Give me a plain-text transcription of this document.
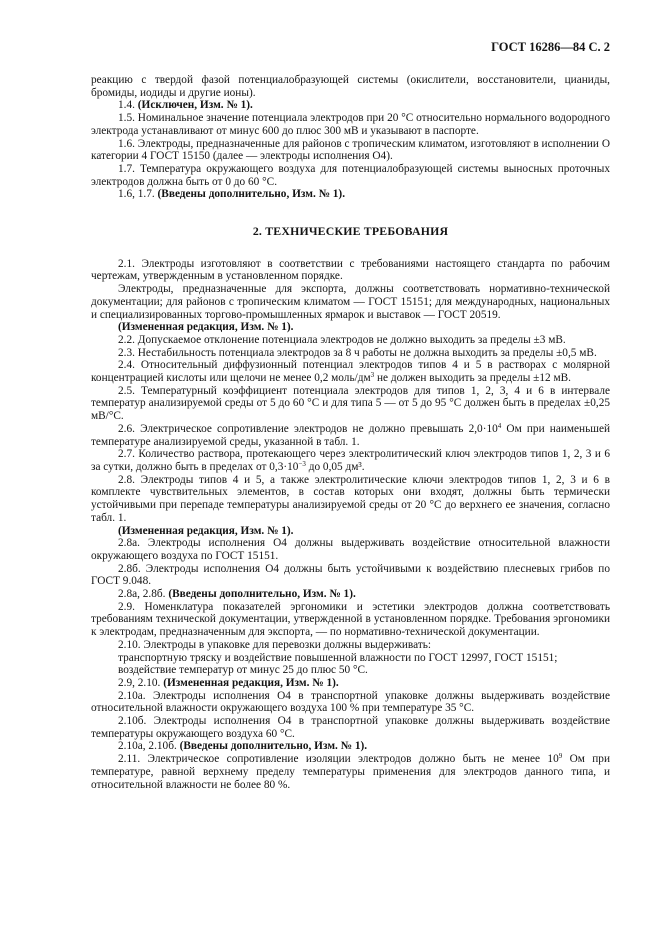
ГОСТ 16286—84 С. 2

реакцию с твердой фазой потенциалобразующей системы (окислители, восстановители, цианиды, бромиды, иодиды и другие ионы).

1.4. (Исключен, Изм. № 1).

1.5. Номинальное значение потенциала электродов при 20 °С относительно нормального водородного электрода устанавливают от минус 600 до плюс 300 мВ и указывают в паспорте.

1.6. Электроды, предназначенные для районов с тропическим климатом, изготовляют в исполнении О категории 4 ГОСТ 15150 (далее — электроды исполнения О4).

1.7. Температура окружающего воздуха для потенциалобразующей системы выносных проточных электродов должна быть от 0 до 60 °С.

1.6, 1.7. (Введены дополнительно, Изм. № 1).

2. ТЕХНИЧЕСКИЕ ТРЕБОВАНИЯ

2.1. Электроды изготовляют в соответствии с требованиями настоящего стандарта по рабочим чертежам, утвержденным в установленном порядке.

Электроды, предназначенные для экспорта, должны соответствовать нормативно-технической документации; для районов с тропическим климатом — ГОСТ 15151; для международных, национальных и специализированных торгово-промышленных ярмарок и выставок — ГОСТ 20519.

(Измененная редакция, Изм. № 1).

2.2. Допускаемое отклонение потенциала электродов не должно выходить за пределы ±3 мВ.

2.3. Нестабильность потенциала электродов за 8 ч работы не должна выходить за пределы ±0,5 мВ.

2.4. Относительный диффузионный потенциал электродов типов 4 и 5 в растворах с молярной концентрацией кислоты или щелочи не менее 0,2 моль/$дм^3$ не должен выходить за пределы ±12 мВ.

2.5. Температурный коэффициент потенциала электродов для типов 1, 2, 3, 4 и 6 в интервале температур анализируемой среды от 5 до 60 °С и для типа 5 — от 5 до 95 °С должен быть в пределах ±0,25 мВ/°С.

2.6. Электрическое сопротивление электродов не должно превышать $2,0\cdot 10^4$ Ом при наименьшей температуре анализируемой среды, указанной в табл. 1.

2.7. Количество раствора, протекающего через электролитический ключ электродов типов 1, 2, 3 и 6 за сутки, должно быть в пределах от $0,3\cdot 10^{-3}$ до 0,05 дм³.

2.8. Электроды типов 4 и 5, а также электролитические ключи электродов типов 1, 2, 3 и 6 в комплекте чувствительных элементов, в состав которых они входят, должны быть термически устойчивыми при перепаде температуры анализируемой среды от 20 °С до верхнего ее значения, согласно табл. 1.

(Измененная редакция, Изм. № 1).

2.8а. Электроды исполнения О4 должны выдерживать воздействие относительной влажности окружающего воздуха по ГОСТ 15151.

2.8б. Электроды исполнения О4 должны быть устойчивыми к воздействию плесневых грибов по ГОСТ 9.048.

2.8а, 2.8б. (Введены дополнительно, Изм. № 1).

2.9. Номенклатура показателей эргономики и эстетики электродов должна соответствовать требованиям технической документации, утвержденной в установленном порядке. Требования эргономики к электродам, предназначенным для экспорта, — по нормативно-технической документации.

2.10. Электроды в упаковке для перевозки должны выдерживать:

транспортную тряску и воздействие повышенной влажности по ГОСТ 12997, ГОСТ 15151;

воздействие температур от минус 25 до плюс 50 °С.

2.9, 2.10. (Измененная редакция, Изм. № 1).

2.10а. Электроды исполнения О4 в транспортной упаковке должны выдерживать воздействие относительной влажности окружающего воздуха 100 % при температуре 35 °С.

2.10б. Электроды исполнения О4 в транспортной упаковке должны выдерживать воздействие температуры окружающего воздуха 60 °С.

2.10а, 2.10б. (Введены дополнительно, Изм. № 1).

2.11. Электрическое сопротивление изоляции электродов должно быть не менее $10^9$ Ом при температуре, равной верхнему пределу температуры применения для электродов данного типа, и относительной влажности не более 80 %.
